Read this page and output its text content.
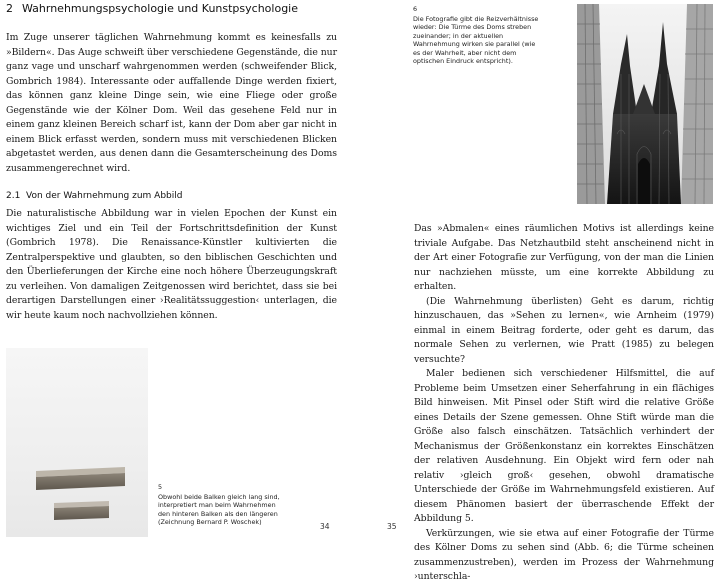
2 Wahrnehmungspsychologie und Kunstpsychologie

Im Zuge unserer täglichen Wahrnehmung kommt es keinesfalls zu »Bildern«. Das Auge schweift über verschiedene Gegenstände, die nur ganz vage und unscharf wahrgenommen werden (schweifender Blick, Gombrich 1984). Interessante oder auffallende Dinge werden fixiert, das können ganz kleine Dinge sein, wie eine Fliege oder große Gegenstände wie der Kölner Dom. Weil das gesehene Feld nur in einem ganz kleinen Bereich scharf ist, kann der Dom aber gar nicht in einem Blick erfasst werden, sondern muss mit verschiedenen Blicken abgetastet werden, aus denen dann die Gesamterscheinung des Doms zusammengerechnet wird.

2.1 Von der Wahrnehmung zum Abbild

Die naturalistische Abbildung war in vielen Epochen der Kunst ein wichtiges Ziel und ein Teil der Fortschrittsdefinition der Kunst (Gombrich 1978). Die Renaissance-Künstler kultivierten die Zentralperspektive und glaubten, so den biblischen Geschichten und den Überlieferungen der Kirche eine noch höhere Überzeugungskraft zu verleihen. Von damaligen Zeitgenossen wird berichtet, dass sie bei derartigen Darstellungen einer ›Realitätssuggestion‹ unterlagen, die wir heute kaum noch nachvollziehen können.

5
Obwohl beide Balken gleich lang sind, interpretiert man beim Wahrnehmen den hinteren Balken als den längeren (Zeichnung Bernard P. Woschek)	34
6
Die Fotografie gibt die Reizverhältnisse wieder: Die Türme des Doms streben zueinander; in der aktuellen Wahrnehmung wirken sie parallel (wie es der Wahrheit, aber nicht dem optischen Eindruck entspricht).

Das »Abmalen« eines räumlichen Motivs ist allerdings keine triviale Aufgabe. Das Netzhautbild steht anscheinend nicht in der Art einer Fotografie zur Verfügung, von der man die Linien nur nachziehen müsste, um eine korrekte Abbildung zu erhalten.

(Die Wahrnehmung überlisten) Geht es darum, richtig hinzuschauen, das »Sehen zu lernen«, wie Arnheim (1979) einmal in einem Beitrag forderte, oder geht es darum, das normale Sehen zu verlernen, wie Pratt (1985) zu belegen versuchte?

Maler bedienen sich verschiedener Hilfsmittel, die auf Probleme beim Umsetzen einer Seherfahrung in ein flächiges Bild hinweisen. Mit Pinsel oder Stift wird die relative Größe eines Details der Szene gemessen. Ohne Stift würde man die Größe also falsch einschätzen. Tatsächlich verhindert der Mechanismus der Größenkonstanz ein korrektes Einschätzen der relativen Ausdehnung. Ein Objekt wird fern oder nah relativ ›gleich groß‹ gesehen, obwohl dramatische Unterschiede der Größe im Wahrnehmungsfeld existieren. Auf diesem Phänomen basiert der überraschende Effekt der Abbildung 5.

Verkürzungen, wie sie etwa auf einer Fotografie der Türme des Kölner Doms zu sehen sind (Abb. 6; die Türme scheinen zusammenzustreben), werden im Prozess der Wahrnehmung ›unterschla-

35
